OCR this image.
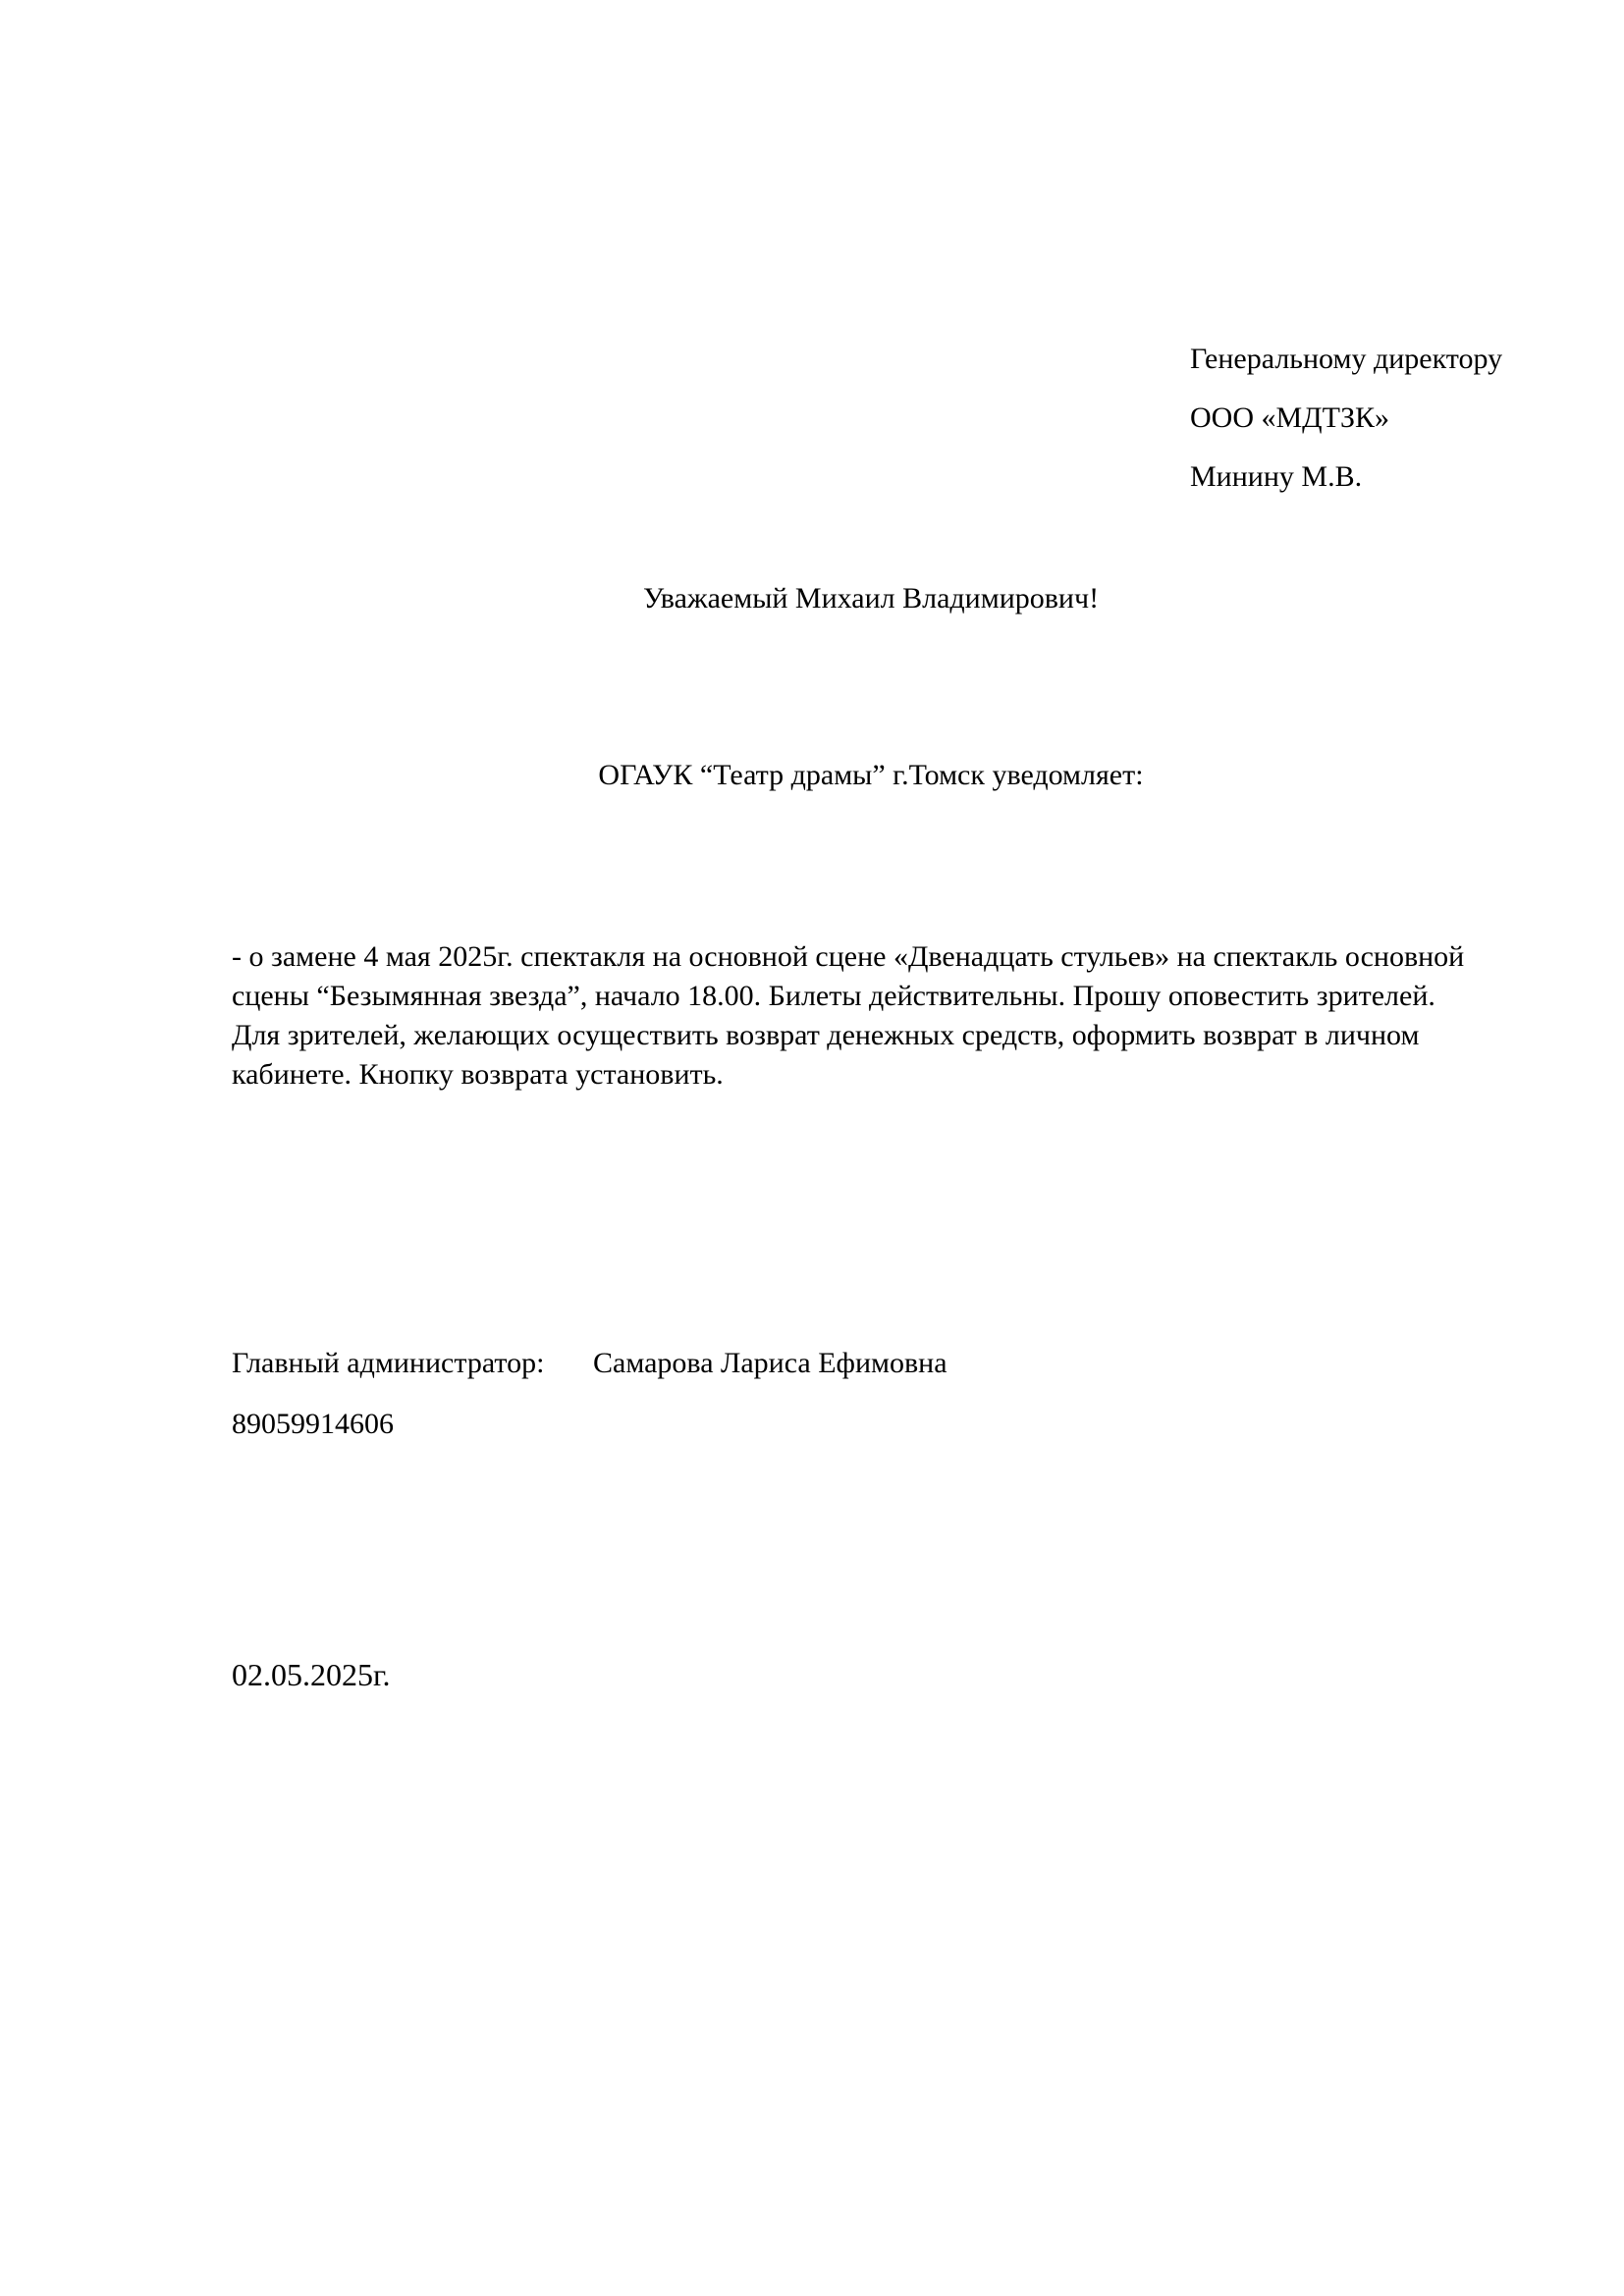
Генеральному директору
ООО «МДТЗК»
Минину М.В.

Уважаемый Михаил Владимирович!

ОГАУК “Театр драмы” г.Томск уведомляет:

- о замене 4 мая 2025г. спектакля на основной сцене «Двенадцать стульев» на спектакль основной
сцены “Безымянная звезда”, начало 18.00. Билеты действительны. Прошу оповестить зрителей.
Для зрителей, желающих осуществить возврат денежных средств, оформить возврат в личном
кабинете. Кнопку возврата установить.

Главный администратор: Самарова Лариса Ефимовна

89059914606

02.05.2025г.
